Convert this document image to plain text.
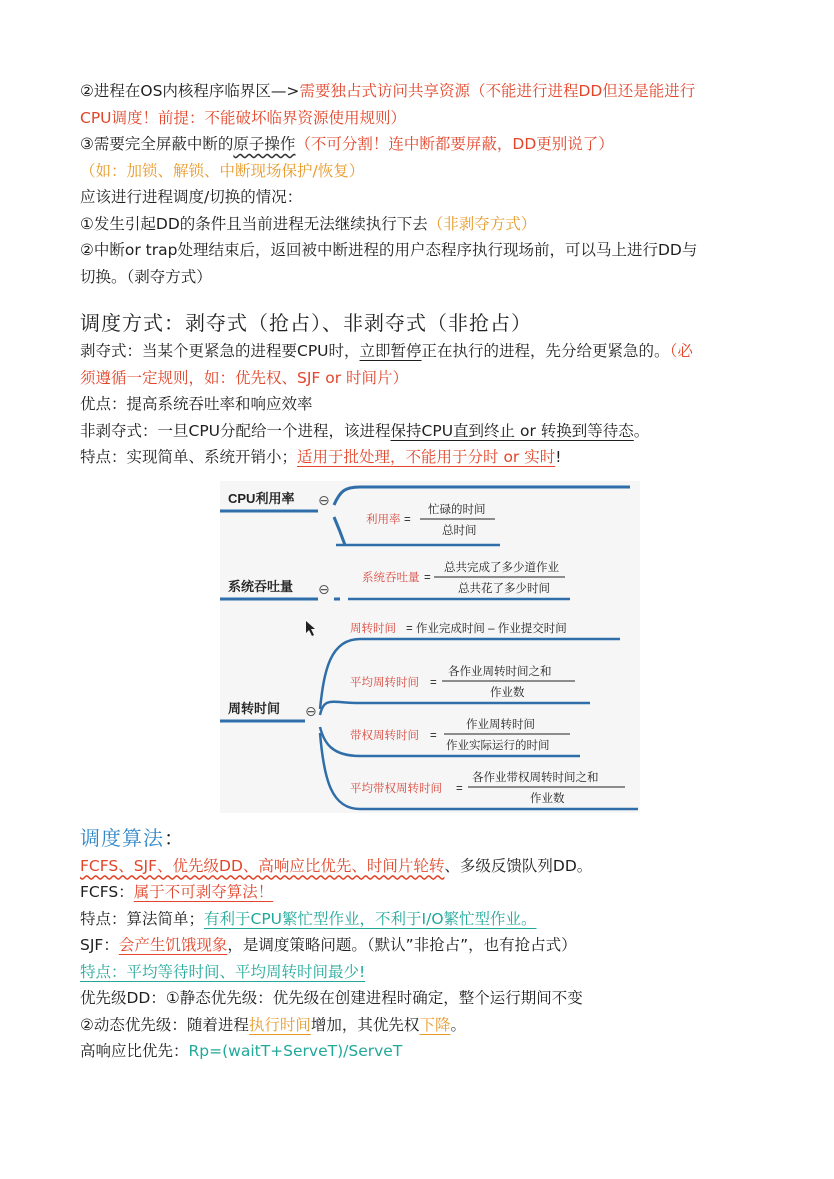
②进程在OS内核程序临界区—>需要独占式访问共享资源（不能进行进程DD但还是能进行
CPU调度！前提：不能破坏临界资源使用规则）
③需要完全屏蔽中断的原子操作（不可分割！连中断都要屏蔽，DD更别说了）
（如：加锁、解锁、中断现场保护/恢复）
应该进行进程调度/切换的情况：
①发生引起DD的条件且当前进程无法继续执行下去（非剥夺方式）
②中断or trap处理结束后，返回被中断进程的用户态程序执行现场前，可以马上进行DD与
切换。（剥夺方式）
调度方式：剥夺式（抢占）、非剥夺式（非抢占）
剥夺式：当某个更紧急的进程要CPU时，立即暂停正在执行的进程，先分给更紧急的。（必
须遵循一定规则，如：优先权、SJF or 时间片）
优点：提高系统吞吐率和响应效率
非剥夺式：一旦CPU分配给一个进程，该进程保持CPU直到终止 or 转换到等待态。
特点：实现简单、系统开销小；适用于批处理，不能用于分时 or 实时!
CPU利用率
系统吞吐量
周转时间
⊖
⊖
⊖
利用率 =
忙碌的时间
总时间
系统吞吐量 =
总共完成了多少道作业
总共花了多少时间
周转时间 = 作业完成时间 – 作业提交时间
平均周转时间 =
各作业周转时间之和
作业数
带权周转时间 =
作业周转时间
作业实际运行的时间
平均带权周转时间 =
各作业带权周转时间之和
作业数
调度算法：
FCFS、SJF、优先级DD、高响应比优先、时间片轮转、多级反馈队列DD。
FCFS：属于不可剥夺算法！
特点：算法简单；有利于CPU繁忙型作业，不利于I/O繁忙型作业。
SJF：会产生饥饿现象，是调度策略问题。（默认”非抢占”，也有抢占式）
特点：平均等待时间、平均周转时间最少!
优先级DD：①静态优先级：优先级在创建进程时确定，整个运行期间不变
②动态优先级：随着进程执行时间增加，其优先权下降。
高响应比优先：Rp=(waitT+ServeT)/ServeT
